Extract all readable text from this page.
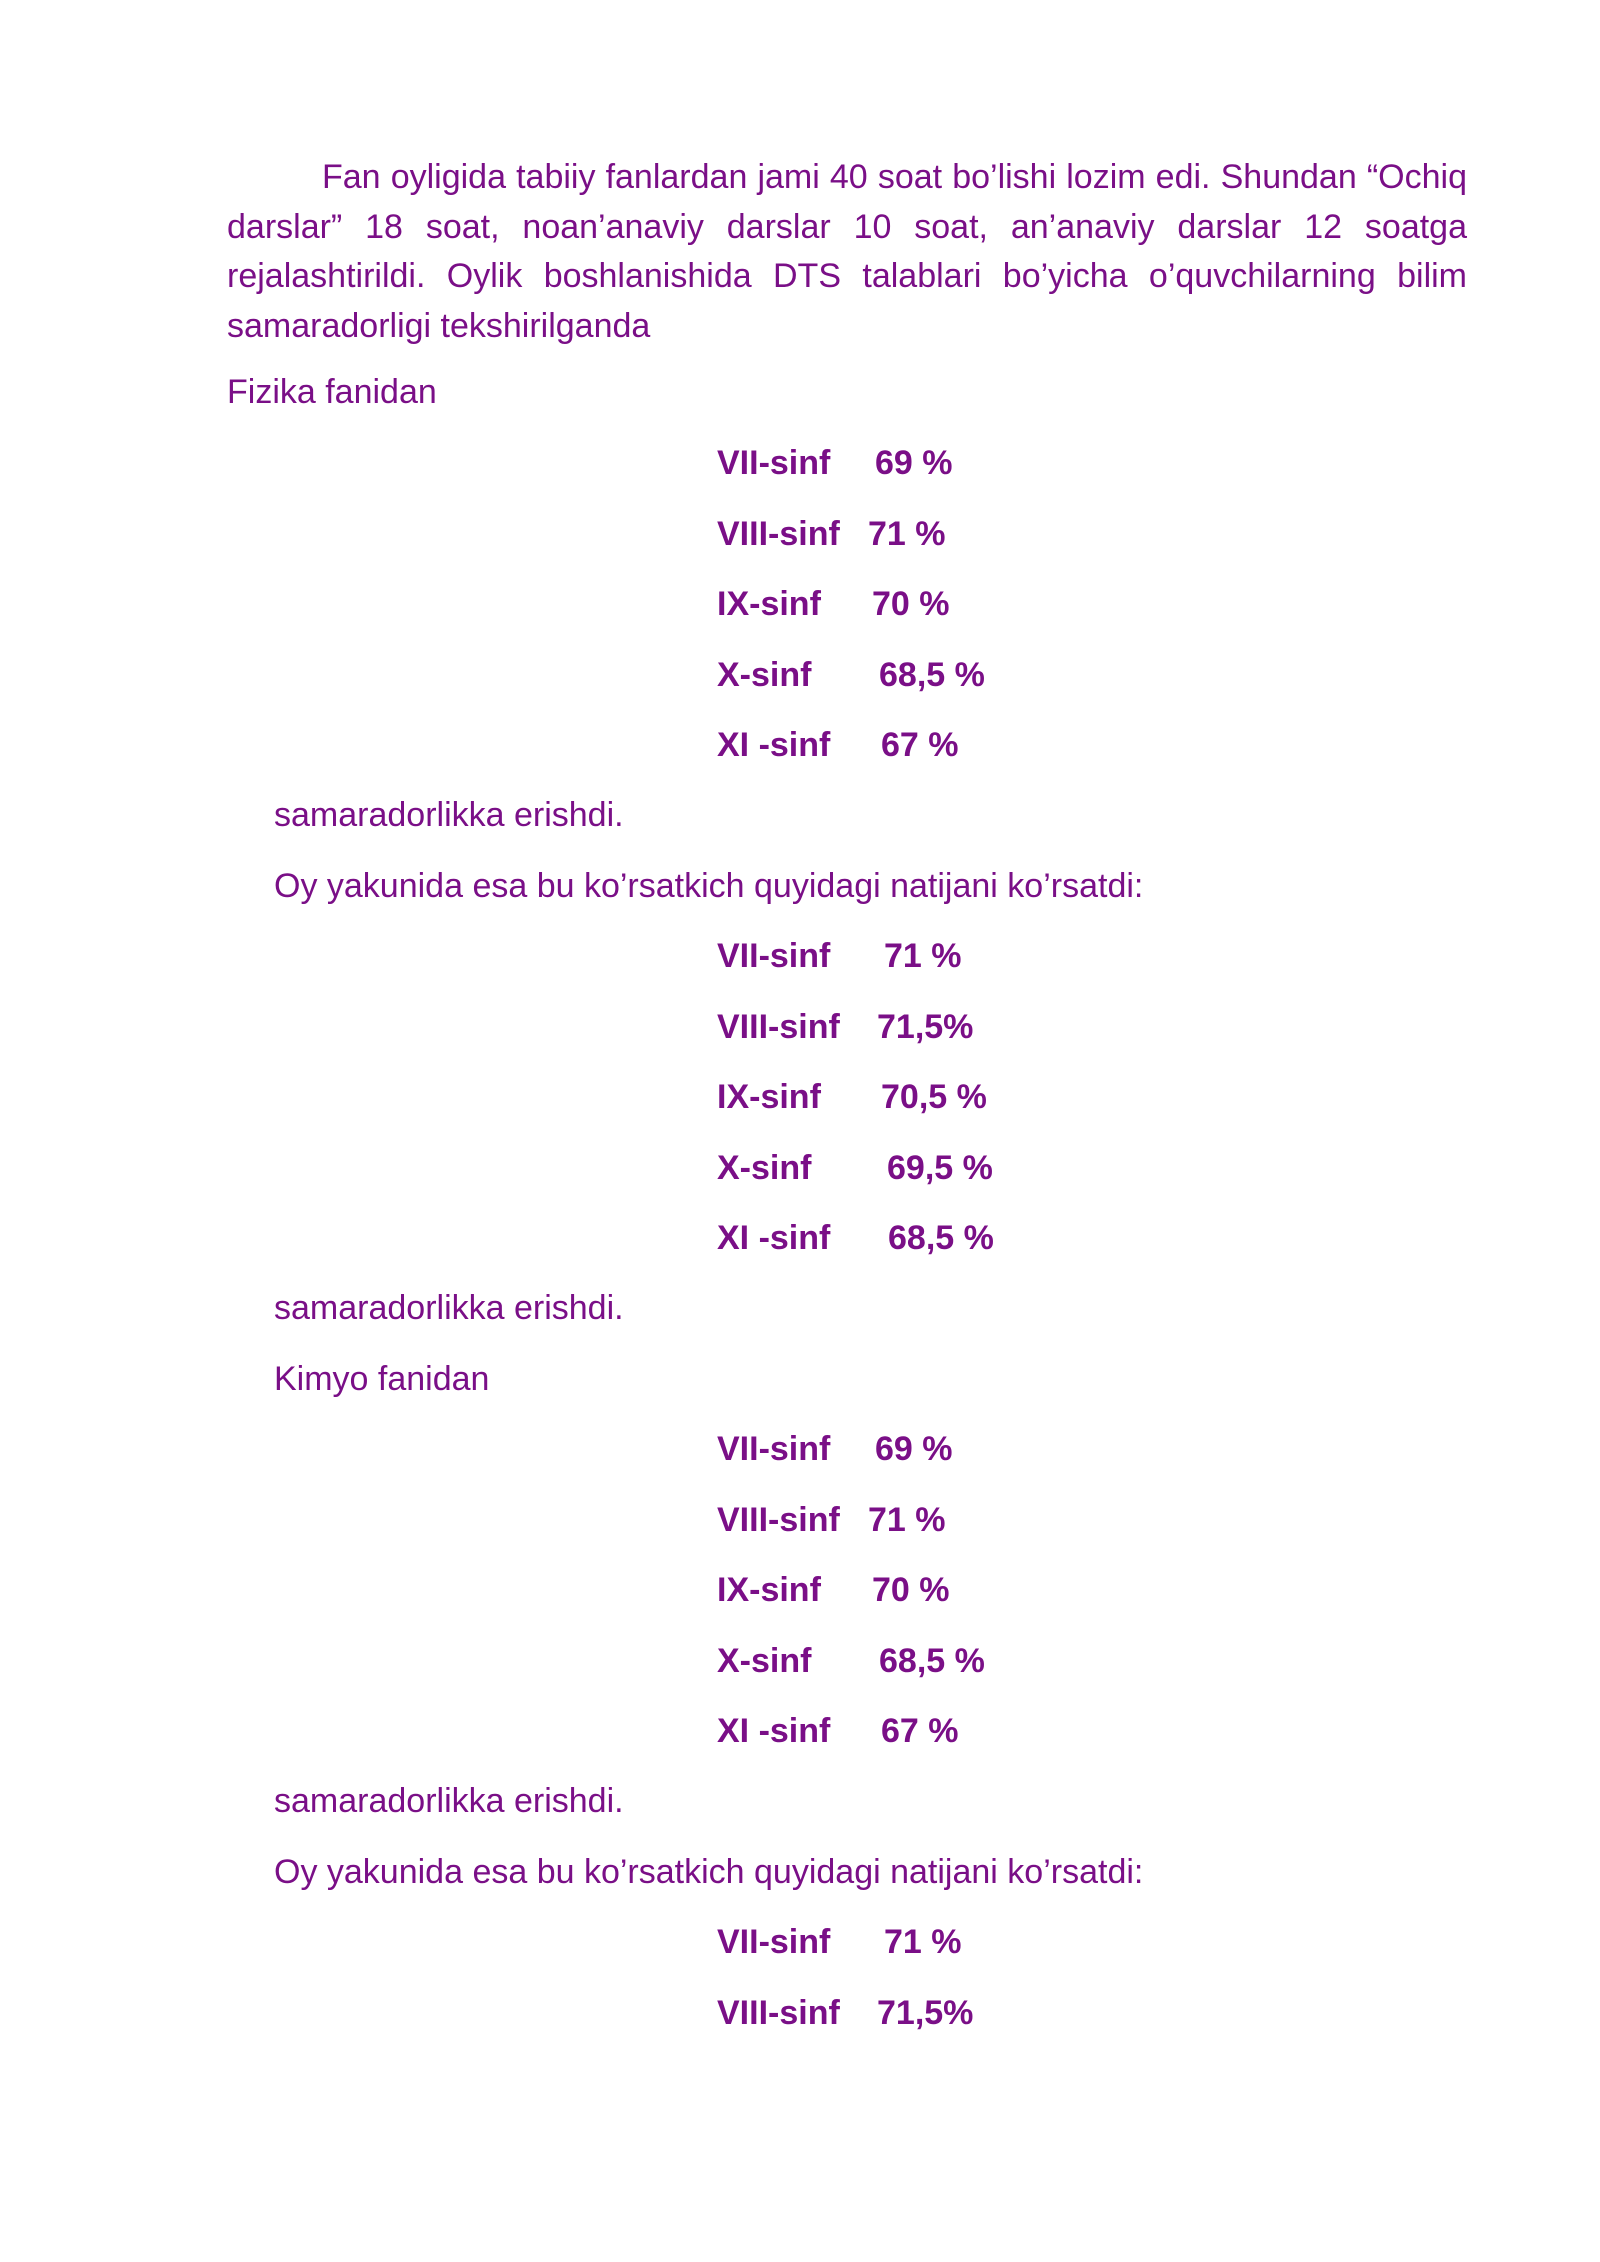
Fan oyligida tabiiy fanlardan jami 40 soat bo’lishi lozim edi. Shundan “Ochiq darslar” 18 soat, noan’anaviy darslar 10 soat, an’anaviy darslar 12 soatga rejalashtirildi. Oylik boshlanishida DTS talablari bo’yicha o’quvchilarning bilim samaradorligi tekshirilganda

Fizika fanidan
VII-sinf 69 %
VIII-sinf 71 %
IX-sinf 70 %
X-sinf 68,5 %
XI -sinf 67 %
samaradorlikka erishdi.
Oy yakunida esa bu ko’rsatkich quyidagi natijani ko’rsatdi:
VII-sinf 71 %
VIII-sinf 71,5%
IX-sinf 70,5 %
X-sinf 69,5 %
XI -sinf 68,5 %
samaradorlikka erishdi.
Kimyo fanidan
VII-sinf 69 %
VIII-sinf 71 %
IX-sinf 70 %
X-sinf 68,5 %
XI -sinf 67 %
samaradorlikka erishdi.
Oy yakunida esa bu ko’rsatkich quyidagi natijani ko’rsatdi:
VII-sinf 71 %
VIII-sinf 71,5%
